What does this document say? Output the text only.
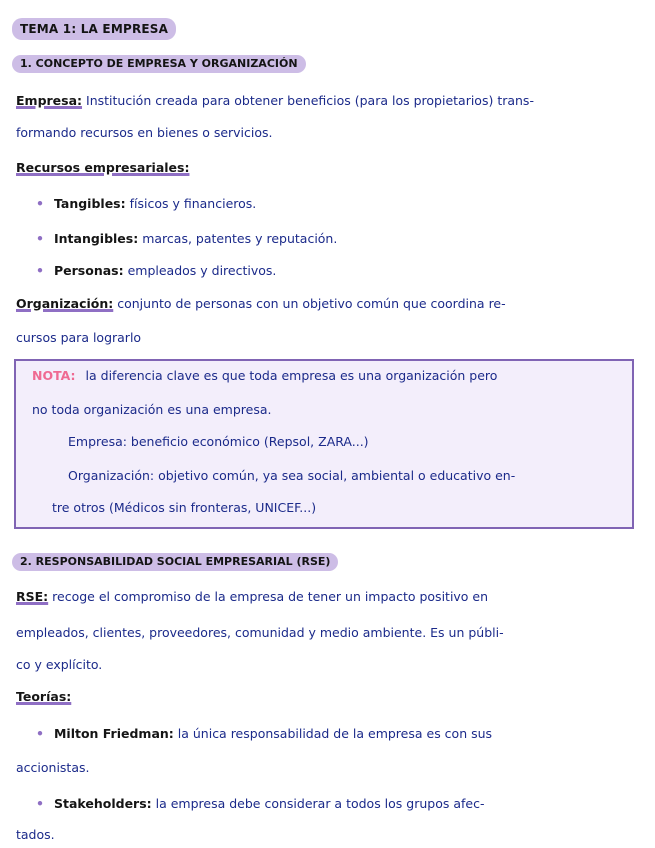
TEMA 1: LA EMPRESA
1. CONCEPTO DE EMPRESA Y ORGANIZACIÓN
Empresa: Institución creada para obtener beneficios (para los propietarios) trans-
formando recursos en bienes o servicios.
Recursos empresariales:
• Tangibles: físicos y financieros.
• Intangibles: marcas, patentes y reputación.
• Personas: empleados y directivos.
Organización: conjunto de personas con un objetivo común que coordina re-
cursos para lograrlo
NOTA: la diferencia clave es que toda empresa es una organización pero
no toda organización es una empresa.
Empresa: beneficio económico (Repsol, ZARA...)
Organización: objetivo común, ya sea social, ambiental o educativo en-
tre otros (Médicos sin fronteras, UNICEF...)
2. RESPONSABILIDAD SOCIAL EMPRESARIAL (RSE)
RSE: recoge el compromiso de la empresa de tener un impacto positivo en
empleados, clientes, proveedores, comunidad y medio ambiente. Es un públi-
co y explícito.
Teorías:
• Milton Friedman: la única responsabilidad de la empresa es con sus
accionistas.
• Stakeholders: la empresa debe considerar a todos los grupos afec-
tados.
